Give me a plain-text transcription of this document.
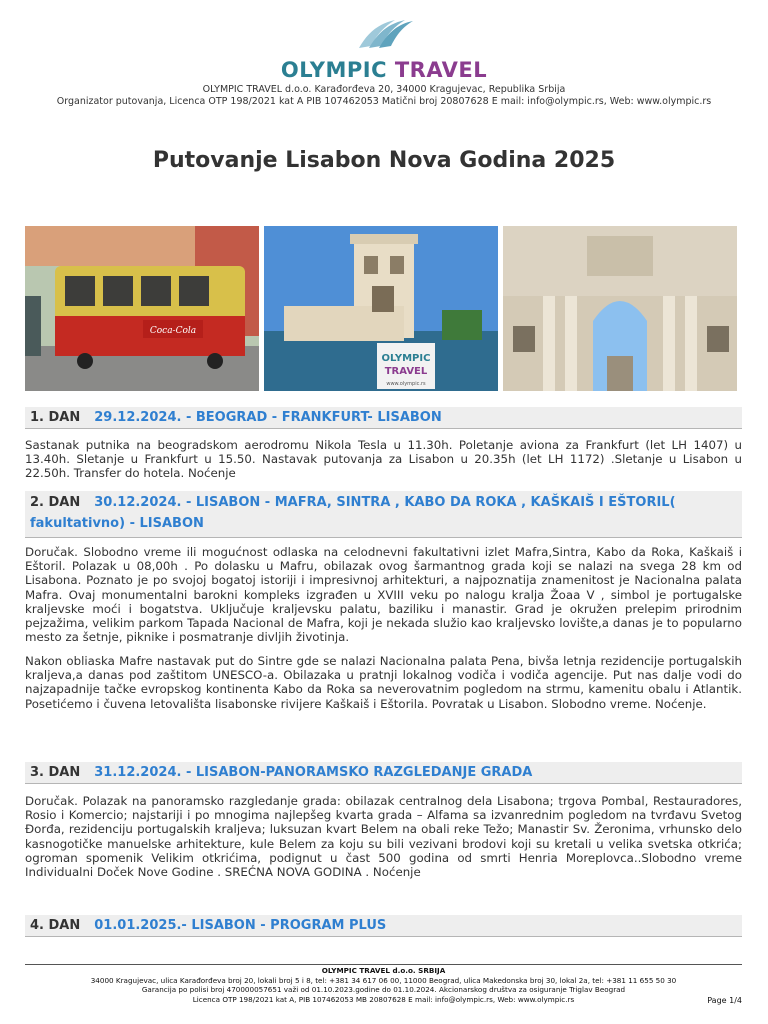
OLYMPIC TRAVEL
OLYMPIC TRAVEL d.o.o. Karađorđeva 20, 34000 Kragujevac, Republika Srbija
Organizator putovanja, Licenca OTP 198/2021 kat A PIB 107462053 Matični broj 20807628 E mail: info@olympic.rs, Web: www.olympic.rs
Putovanje Lisabon Nova Godina 2025
Coca-Cola
OLYMPIC
TRAVEL
www.olympic.rs
1. DAN 29.12.2024. - BEOGRAD - FRANKFURT- LISABON

Sastanak putnika na beogradskom aerodromu Nikola Tesla u 11.30h. Poletanje aviona za Frankfurt (let LH 1407) u 13.40h. Sletanje u Frankfurt u 15.50. Nastavak putovanja za Lisabon u 20.35h (let LH 1172) .Sletanje u Lisabon u 22.50h. Transfer do hotela. Noćenje

2. DAN 30.12.2024. - LISABON - MAFRA, SINTRA , KABO DA ROKA , KAŠKAIŠ I EŠTORIL( fakultativno) - LISABON

Doručak. Slobodno vreme ili mogućnost odlaska na celodnevni fakultativni izlet Mafra,Sintra, Kabo da Roka, Kaškaiš i Eštoril. Polazak u 08,00h . Po dolasku u Mafru, obilazak ovog šarmantnog grada koji se nalazi na svega 28 km od Lisabona. Poznato je po svojoj bogatoj istoriji i impresivnoj arhitekturi, a najpoznatija znamenitost je Nacionalna palata Mafra. Ovaj monumentalni barokni kompleks izgrađen u XVIII veku po nalogu kralja Žoaa V , simbol je portugalske kraljevske moći i bogatstva. Uključuje kraljevsku palatu, baziliku i manastir. Grad je okružen prelepim prirodnim pejzažima, velikim parkom Tapada Nacional de Mafra, koji je nekada služio kao kraljevsko lovište,a danas je to popularno mesto za šetnje, piknike i posmatranje divljih životinja.

Nakon obliaska Mafre nastavak put do Sintre gde se nalazi Nacionalna palata Pena, bivša letnja rezidencije portugalskih kraljeva,a danas pod zaštitom UNESCO-a. Obilazaka u pratnji lokalnog vodiča i vodiča agencije. Put nas dalje vodi do najzapadnije tačke evropskog kontinenta Kabo da Roka sa neverovatnim pogledom na strmu, kamenitu obalu i Atlantik. Posetićemo i čuvena letovališta lisabonske rivijere Kaškaiš i Eštorila. Povratak u Lisabon. Slobodno vreme. Noćenje.

3. DAN 31.12.2024. - LISABON-PANORAMSKO RAZGLEDANJE GRADA

Doručak. Polazak na panoramsko razgledanje grada: obilazak centralnog dela Lisabona; trgova Pombal, Restauradores, Rosio i Komercio; najstariji i po mnogima najlepšeg kvarta grada – Alfama sa izvanrednim pogledom na tvrđavu Svetog Đorđa, rezidenciju portugalskih kraljeva; luksuzan kvart Belem na obali reke Težo; Manastir Sv. Žeronima, vrhunsko delo kasnogotičke manuelske arhitekture, kule Belem za koju su bili vezivani brodovi koji su kretali u velika svetska otkrića; ogroman spomenik Velikim otkrićima, podignut u čast 500 godina od smrti Henria Moreplovca..Slobodno vreme Individualni Doček Nove Godine . SREĆNA NOVA GODINA . Noćenje

4. DAN 01.01.2025.- LISABON - PROGRAM PLUS
OLYMPIC TRAVEL d.o.o. SRBIJA
34000 Kragujevac, ulica Karađorđeva broj 20, lokali broj 5 i 8, tel: +381 34 617 06 00, 11000 Beograd, ulica Makedonska broj 30, lokal 2a, tel: +381 11 655 50 30
Garancija po polisi broj 470000057651 važi od 01.10.2023.godine do 01.10.2024. Akcionarskog društva za osiguranje Triglav Beograd
Licenca OTP 198/2021 kat A, PIB 107462053 MB 20807628 E mail: info@olympic.rs, Web: www.olympic.rs	Page 1/4
